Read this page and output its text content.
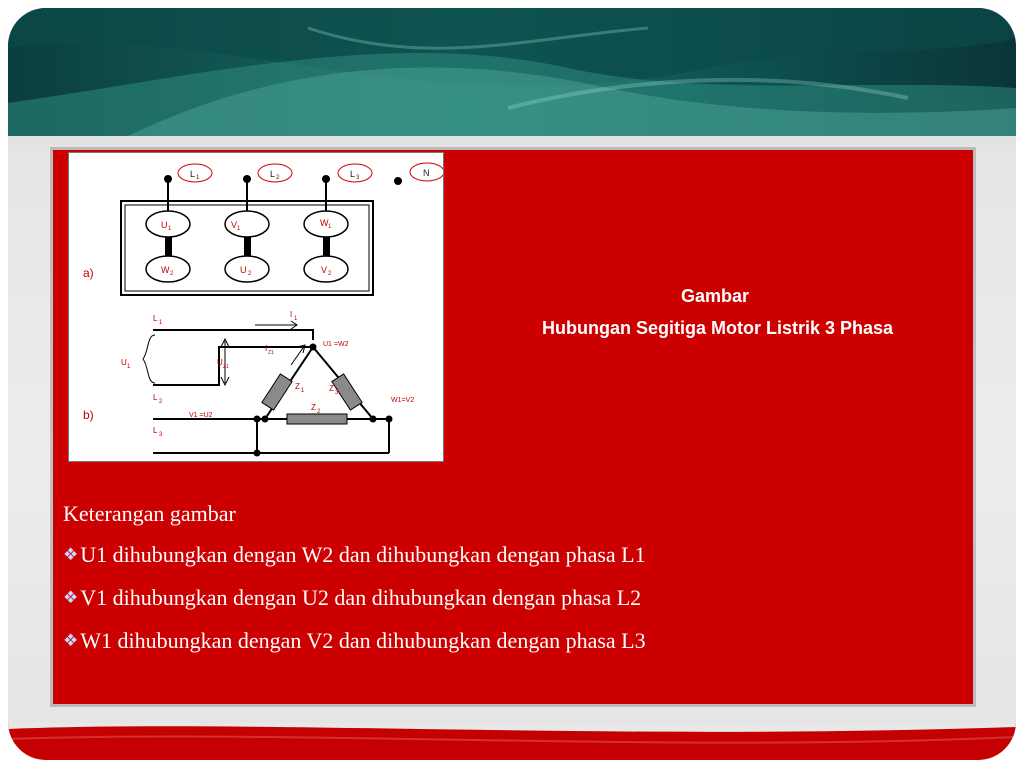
L 1	L 2	L 3	N
U 1	V 1
W 1
W 2	U 2	V 2
a)
L 1
L 2
L 3
I 1
I Z1
U Z1
U 1
Z 1
Z 2
Z 3
U1 =W2
V1 =U2
W1=V2
b)
Gambar
Hubungan Segitiga Motor Listrik 3 Phasa
Keterangan gambar
❖U1 dihubungkan dengan W2 dan dihubungkan dengan phasa L1
❖V1 dihubungkan dengan U2 dan dihubungkan dengan phasa L2
❖W1 dihubungkan dengan V2 dan dihubungkan dengan phasa L3
